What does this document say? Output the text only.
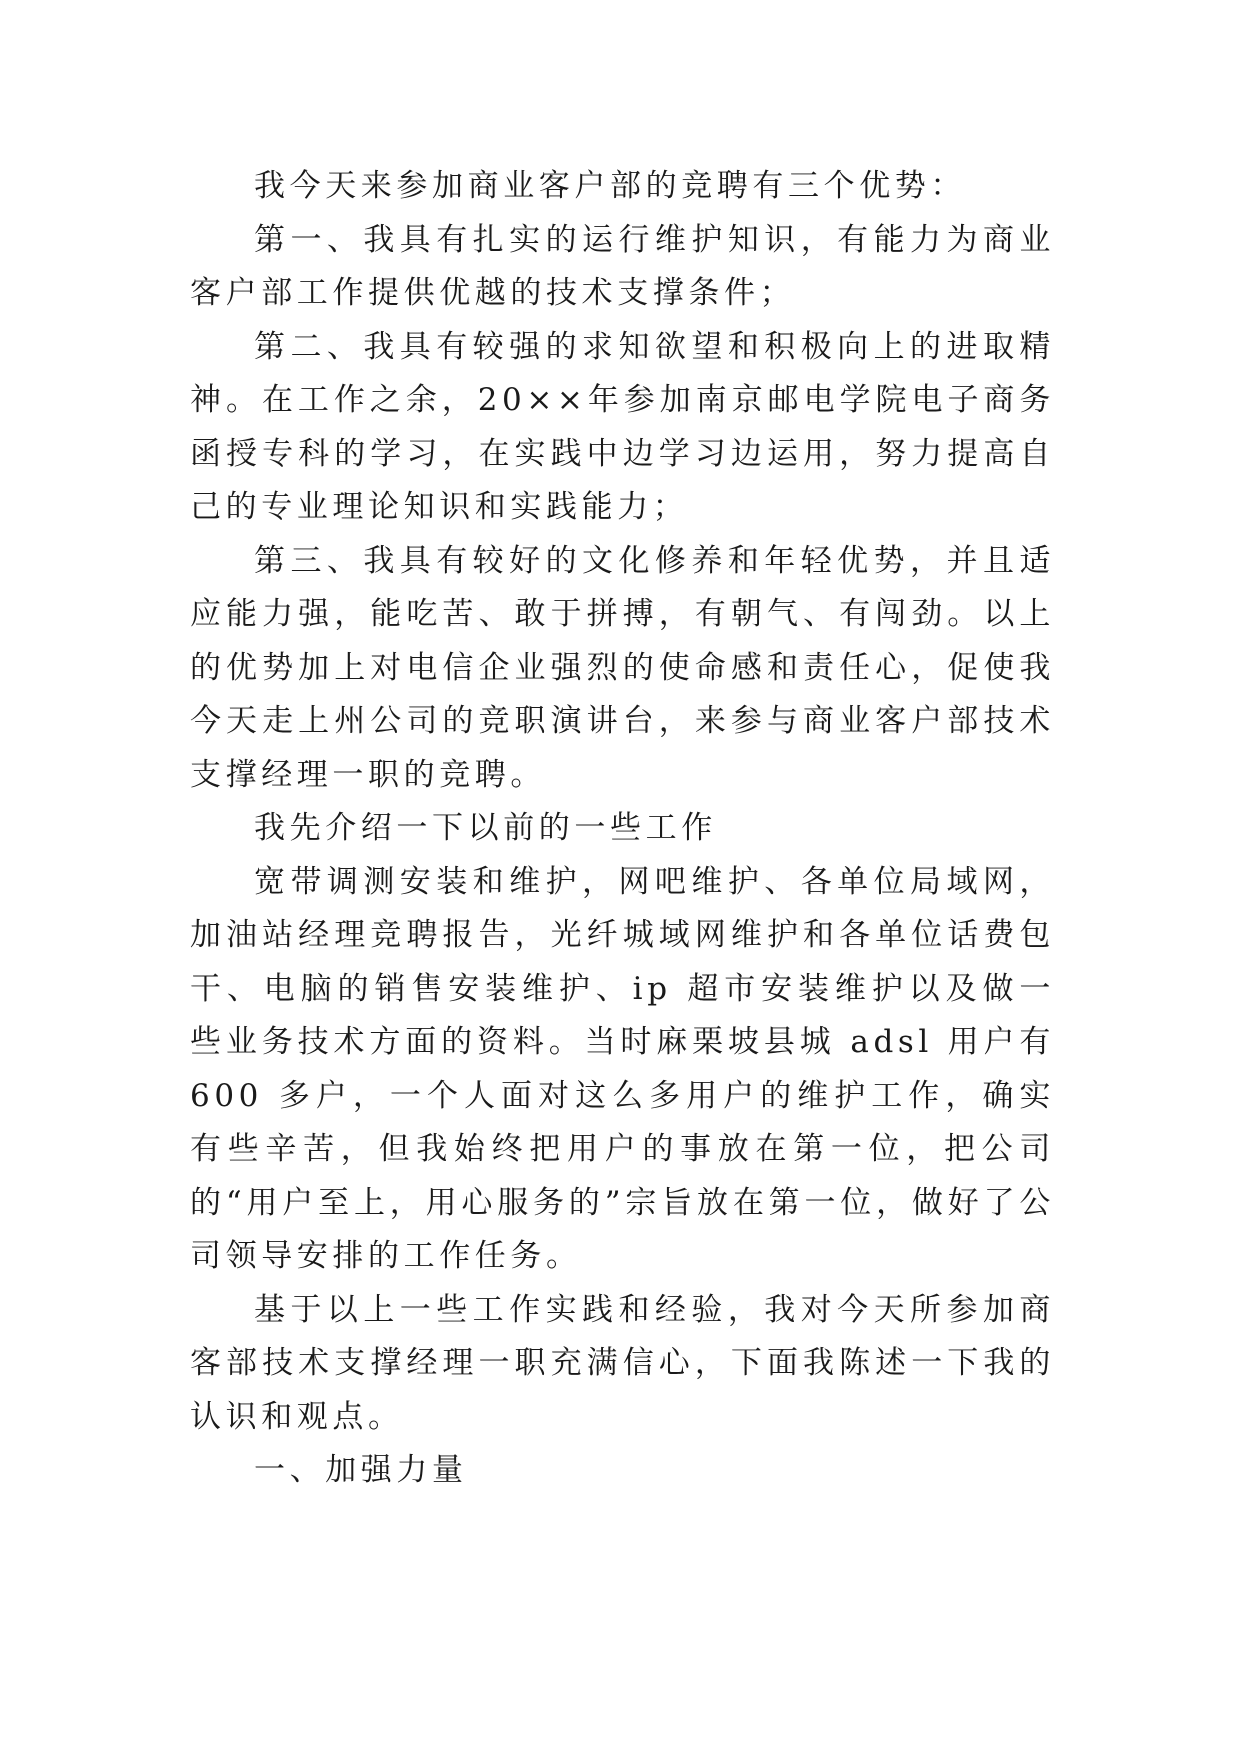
我今天来参加商业客户部的竞聘有三个优势：

第一、我具有扎实的运行维护知识，有能力为商业客户部工作提供优越的技术支撑条件；

第二、我具有较强的求知欲望和积极向上的进取精神。在工作之余，20××年参加南京邮电学院电子商务函授专科的学习，在实践中边学习边运用，努力提高自己的专业理论知识和实践能力；

第三、我具有较好的文化修养和年轻优势，并且适应能力强，能吃苦、敢于拼搏，有朝气、有闯劲。以上的优势加上对电信企业强烈的使命感和责任心，促使我今天走上州公司的竞职演讲台，来参与商业客户部技术支撑经理一职的竞聘。

我先介绍一下以前的一些工作

宽带调测安装和维护，网吧维护、各单位局域网，加油站经理竞聘报告，光纤城域网维护和各单位话费包干、电脑的销售安装维护、ip 超市安装维护以及做一些业务技术方面的资料。当时麻栗坡县城 adsl 用户有 600 多户，一个人面对这么多用户的维护工作，确实有些辛苦，但我始终把用户的事放在第一位，把公司的“用户至上，用心服务的”宗旨放在第一位，做好了公司领导安排的工作任务。

基于以上一些工作实践和经验，我对今天所参加商客部技术支撑经理一职充满信心，下面我陈述一下我的认识和观点。

一、加强力量
